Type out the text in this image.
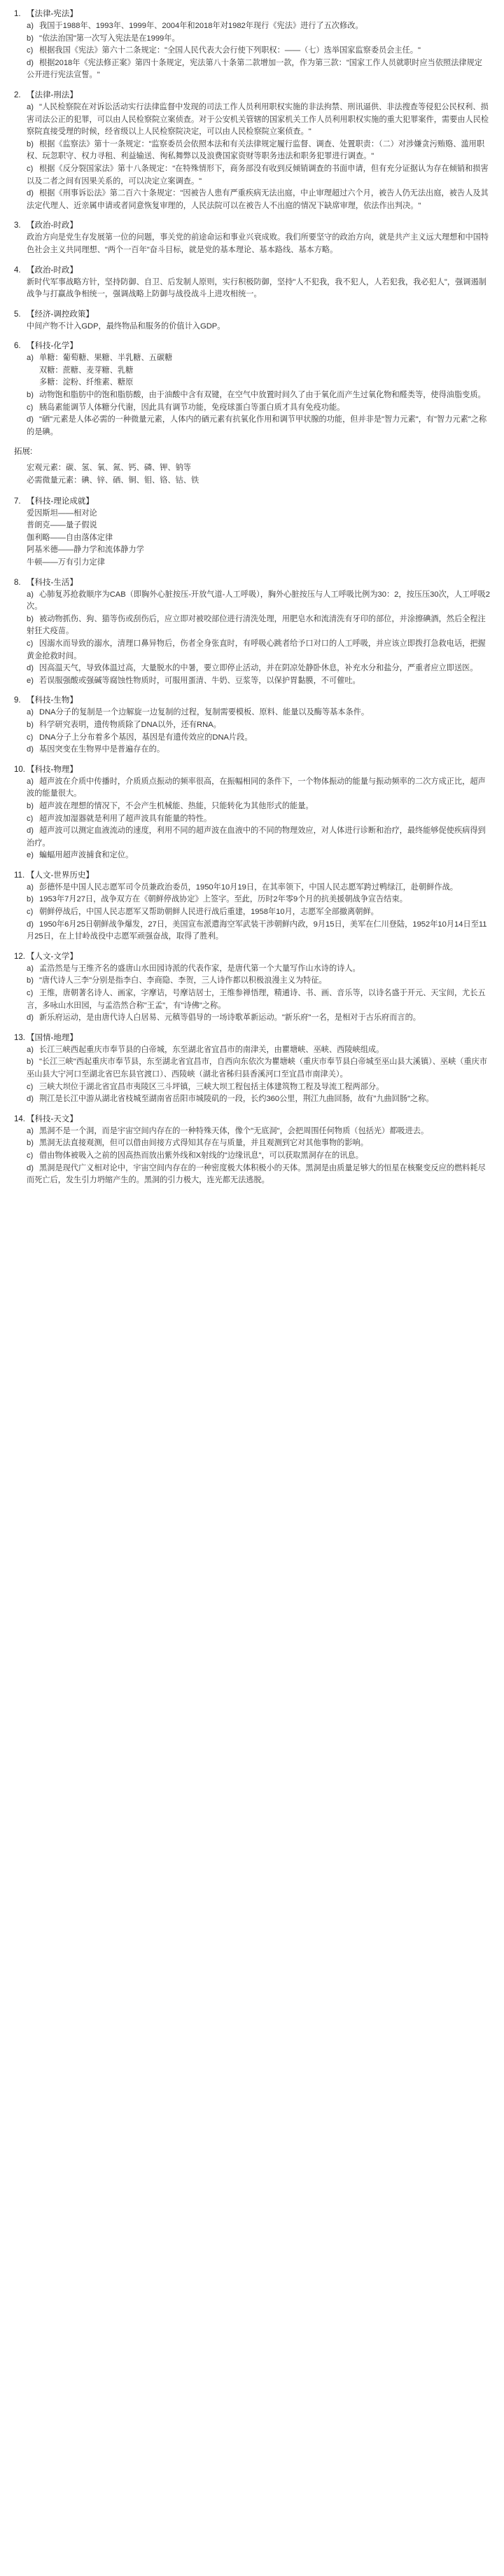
1. 【法律-宪法】
a) 我国于1988年、1993年、1999年、2004年和2018年对1982年现行《宪法》进行了五次修改。
b) "依法治国"第一次写入宪法是在1999年。
c) 根据我国《宪法》第六十二条规定："全国人民代表大会行使下列职权：——（七）选举国家监察委员会主任。"
d) 根据2018年《宪法修正案》第四十条规定，宪法第八十条第二款增加一款，作为第三款："国家工作人员就职时应当依照法律规定公开进行宪法宣誓。"
2. 【法律-刑法】
a) "人民检察院在对诉讼活动实行法律监督中发现的司法工作人员利用职权实施的非法拘禁、刑讯逼供、非法搜查等侵犯公民权利、损害司法公正的犯罪，可以由人民检察院立案侦查。对于公安机关管辖的国家机关工作人员利用职权实施的重大犯罪案件，需要由人民检察院直接受理的时候，经省级以上人民检察院决定，可以由人民检察院立案侦查。"
b) 根据《监察法》第十一条规定："监察委员会依照本法和有关法律规定履行监督、调查、处置职责：（二）对涉嫌贪污贿赂、滥用职权、玩忽职守、权力寻租、利益输送、徇私舞弊以及浪费国家资财等职务违法和职务犯罪进行调查。"
c) 根据《反分裂国家法》第十八条规定："在特殊情形下，商务部没有收到反倾销调查的书面申请，但有充分证据认为存在倾销和损害以及二者之间有因果关系的，可以决定立案调查。"
d) 根据《刑事诉讼法》第二百六十条规定："因被告人患有严重疾病无法出庭，中止审理超过六个月，被告人仍无法出庭，被告人及其法定代理人、近亲属申请或者同意恢复审理的，人民法院可以在被告人不出庭的情况下缺席审理，依法作出判决。"
3. 【政治-时政】
政治方向是党生存发展第一位的问题，事关党的前途命运和事业兴衰成败。我们所要坚守的政治方向，就是共产主义远大理想和中国特色社会主义共同理想、"两个一百年"奋斗目标，就是党的基本理论、基本路线、基本方略。
4. 【政治-时政】
新时代军事战略方针，坚持防御、自卫、后发制人原则，实行积极防御，坚持"人不犯我，我不犯人，人若犯我，我必犯人"，强调遏制战争与打赢战争相统一，强调战略上防御与战役战斗上进攻相统一。
5. 【经济-调控政策】
中间产物不计入GDP，最终物品和服务的价值计入GDP。
6. 【科技-化学】
a) 单糖：葡萄糖、果糖、半乳糖、五碳糖
双糖：蔗糖、麦芽糖、乳糖
多糖：淀粉、纤维素、糖原
b) 动物饱和脂肪中的饱和脂肪酸，由于油酸中含有双键，在空气中放置时间久了由于氧化而产生过氧化物和醛类等，使得油脂变质。
c) 胰岛素能调节人体糖分代谢，因此具有调节功能，免疫球蛋白等蛋白质才具有免疫功能。
d) "硒"元素是人体必需的一种微量元素，人体内的硒元素有抗氧化作用和调节甲状腺的功能，但并非是"智力元素"，有"智力元素"之称的是碘。
拓展:
宏观元素：碳、氢、氧、氮、钙、磷、钾、钠等
必需微量元素：碘、锌、硒、铜、钼、铬、钴、铁
7. 【科技-理论成就】
爱因斯坦——相对论
普朗克——量子假说
伽利略——自由落体定律
阿基米德——静力学和流体静力学
牛顿——万有引力定律
8. 【科技-生活】
a) 心肺复苏抢救顺序为CAB（即胸外心脏按压-开放气道-人工呼吸），胸外心脏按压与人工呼吸比例为30：2，按压压30次，人工呼吸2次。
b) 被动物抓伤、狗、猫等伤或刮伤后，应立即对被咬部位进行清洗处理，用肥皂水和流清洗有牙印的部位，并涂擦碘酒，然后全程注射狂犬疫苗。
c) 因溺水而导致的溺水，清理口鼻异物后，伤者全身张直时，有呼吸心跳者给予口对口的人工呼吸，并应该立即拨打急救电话，把握黄金抢救时间。
d) 因高温天气，导致体温过高，大量脱水的中暑，要立即停止活动，并在阴凉处静卧休息，补充水分和盐分，严重者应立即送医。
e) 若误服强酸或强碱等腐蚀性物质时，可服用蛋清、牛奶、豆浆等，以保护胃黏膜，不可催吐。
9. 【科技-生物】
a) DNA分子的复制是一个边解旋一边复制的过程，复制需要模板、原料、能量以及酶等基本条件。
b) 科学研究表明，遗传物质除了DNA以外，还有RNA。
c) DNA分子上分布着多个基因，基因是有遗传效应的DNA片段。
d) 基因突变在生物界中是普遍存在的。
10. 【科技-物理】
a) 超声波在介质中传播时，介质质点振动的频率很高，在振幅相同的条件下，一个物体振动的能量与振动频率的二次方成正比，超声波的能量很大。
b) 超声波在理想的情况下，不会产生机械能、热能，只能转化为其他形式的能量。
c) 超声波加湿器就是利用了超声波具有能量的特性。
d) 超声波可以测定血液流动的速度，利用不同的超声波在血液中的不同的物理效应，对人体进行诊断和治疗，最终能够促使疾病得到治疗。
e) 蝙蝠用超声波捕食和定位。
11. 【人文-世界历史】
a) 彭德怀是中国人民志愿军司令员兼政治委员，1950年10月19日，在其率领下，中国人民志愿军跨过鸭绿江，赴朝鲜作战。
b) 1953年7月27日，战争双方在《朝鲜停战协定》上签字。至此，历时2年零9个月的抗美援朝战争宣告结束。
c) 朝鲜停战后，中国人民志愿军又帮助朝鲜人民进行战后重建，1958年10月，志愿军全部撤离朝鲜。
d) 1950年6月25日朝鲜战争爆发，27日，美国宣布派遣海空军武装干涉朝鲜内政，9月15日，美军在仁川登陆，1952年10月14日至11月25日，在上甘岭战役中志愿军顽强奋战，取得了胜利。
12. 【人文-文学】
a) 孟浩然是与王维齐名的盛唐山水田园诗派的代表作家，是唐代第一个大量写作山水诗的诗人。
b) "唐代诗人三李"分别是指李白、李商隐、李贺，三人诗作都以积极浪漫主义为特征。
c) 王维，唐朝著名诗人、画家，字摩诘，号摩诘居士，王维参禅悟理，精通诗、书、画、音乐等，以诗名盛于开元、天宝间，尤长五言，多咏山水田园，与孟浩然合称"王孟"，有"诗佛"之称。
d) 新乐府运动，是由唐代诗人白居易、元稹等倡导的一场诗歌革新运动。"新乐府"一名，是相对于古乐府而言的。
13. 【国情-地理】
a) 长江三峡西起重庆市奉节县的白帝城，东至湖北省宜昌市的南津关，由瞿塘峡、巫峡、西陵峡组成。
b) "长江三峡"西起重庆市奉节县，东至湖北省宜昌市，自西向东依次为瞿塘峡（重庆市奉节县白帝城至巫山县大溪镇）、巫峡（重庆市巫山县大宁河口至湖北省巴东县官渡口）、西陵峡（湖北省秭归县香溪河口至宜昌市南津关）。
c) 三峡大坝位于湖北省宜昌市夷陵区三斗坪镇，三峡大坝工程包括主体建筑物工程及导流工程两部分。
d) 荆江是长江中游从湖北省枝城至湖南省岳阳市城陵矶的一段，长约360公里，荆江九曲回肠，故有"九曲回肠"之称。
14. 【科技-天文】
a) 黑洞不是一个洞，而是宇宙空间内存在的一种特殊天体，像个"无底洞"，会把周围任何物质（包括光）都吸进去。
b) 黑洞无法直接观测，但可以借由间接方式得知其存在与质量，并且观测到它对其他事物的影响。
c) 借由物体被吸入之前的因高热而放出紫外线和X射线的"边缘讯息"，可以获取黑洞存在的讯息。
d) 黑洞是现代广义相对论中，宇宙空间内存在的一种密度极大体积极小的天体。黑洞是由质量足够大的恒星在核聚变反应的燃料耗尽而死亡后，发生引力坍缩产生的。黑洞的引力极大，连光都无法逃脱。
